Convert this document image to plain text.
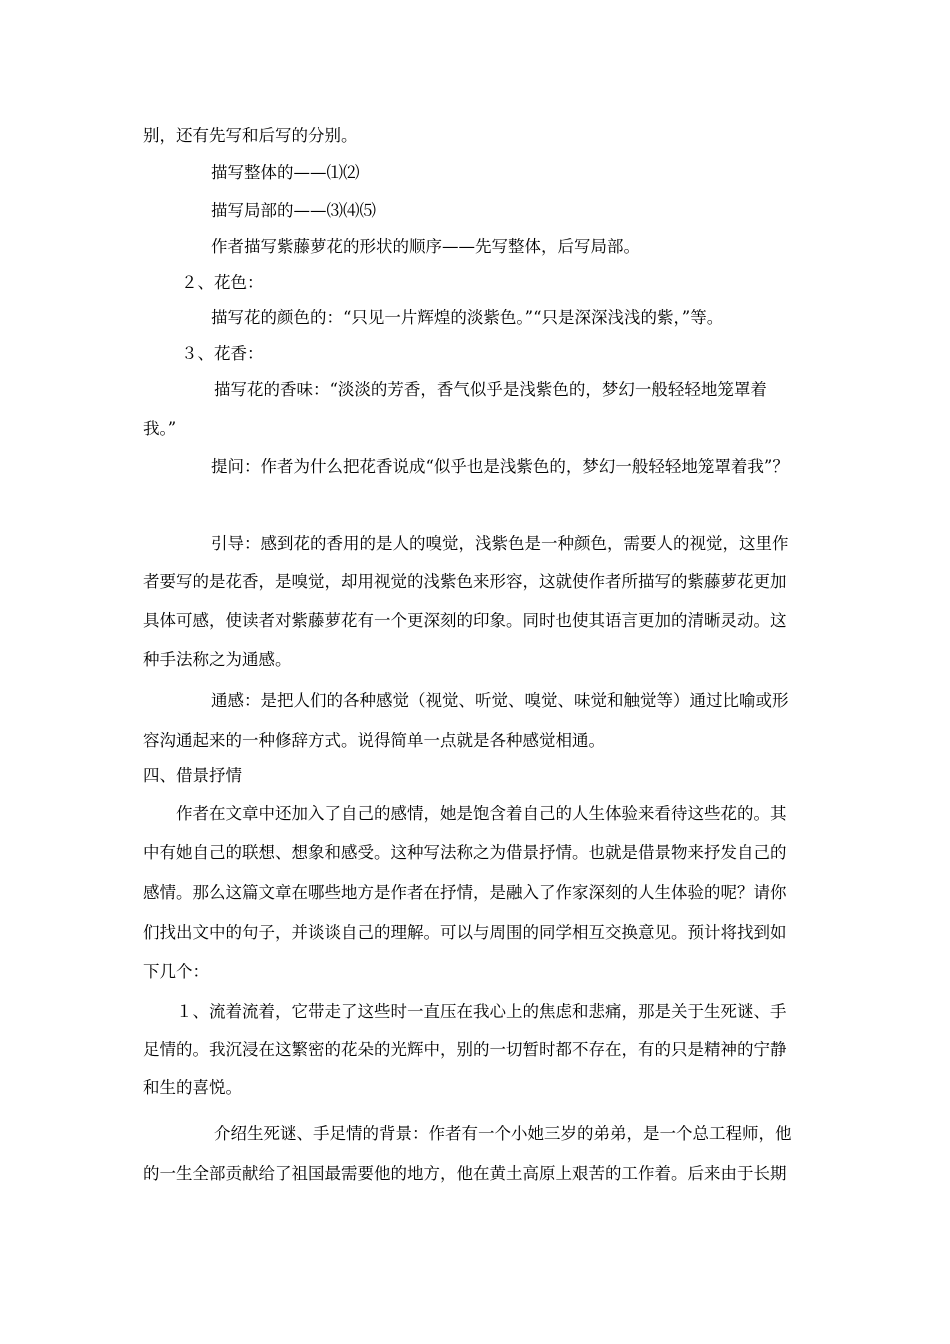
别，还有先写和后写的分别。

描写整体的——⑴⑵

描写局部的——⑶⑷⑸

作者描写紫藤萝花的形状的顺序——先写整体，后写局部。

２、花色：

描写花的颜色的：“只见一片辉煌的淡紫色。”“只是深深浅浅的紫，”等。

３、花香：

描写花的香味：“淡淡的芳香，香气似乎是浅紫色的，梦幻一般轻轻地笼罩着

我。”

提问：作者为什么把花香说成“似乎也是浅紫色的，梦幻一般轻轻地笼罩着我”？

引导：感到花的香用的是人的嗅觉，浅紫色是一种颜色，需要人的视觉，这里作

者要写的是花香，是嗅觉，却用视觉的浅紫色来形容，这就使作者所描写的紫藤萝花更加

具体可感，使读者对紫藤萝花有一个更深刻的印象。同时也使其语言更加的清晰灵动。这

种手法称之为通感。

通感：是把人们的各种感觉（视觉、听觉、嗅觉、味觉和触觉等）通过比喻或形

容沟通起来的一种修辞方式。说得简单一点就是各种感觉相通。

四、借景抒情

作者在文章中还加入了自己的感情，她是饱含着自己的人生体验来看待这些花的。其

中有她自己的联想、想象和感受。这种写法称之为借景抒情。也就是借景物来抒发自己的

感情。那么这篇文章在哪些地方是作者在抒情，是融入了作家深刻的人生体验的呢？请你

们找出文中的句子，并谈谈自己的理解。可以与周围的同学相互交换意见。预计将找到如

下几个：

１、流着流着，它带走了这些时一直压在我心上的焦虑和悲痛，那是关于生死谜、手

足情的。我沉浸在这繁密的花朵的光辉中，别的一切暂时都不存在，有的只是精神的宁静

和生的喜悦。

介绍生死谜、手足情的背景：作者有一个小她三岁的弟弟，是一个总工程师，他

的一生全部贡献给了祖国最需要他的地方，他在黄土高原上艰苦的工作着。后来由于长期
